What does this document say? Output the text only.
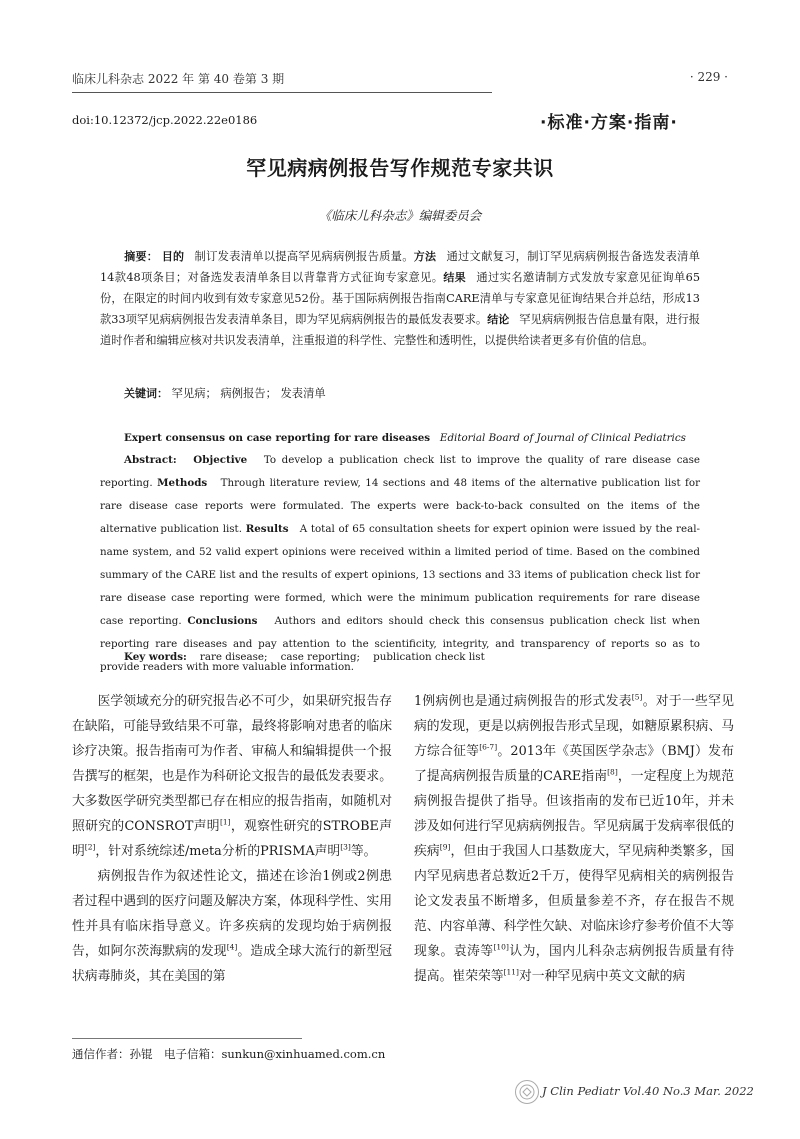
临床儿科杂志 2022 年 第 40 卷第 3 期	· 229 ·
doi:10.12372/jcp.2022.22e0186	·标准·方案·指南·
罕见病病例报告写作规范专家共识
《临床儿科杂志》编辑委员会
摘要： 目的 制订发表清单以提高罕见病病例报告质量。方法 通过文献复习，制订罕见病病例报告备选发表清单14款48项条目；对备选发表清单条目以背靠背方式征询专家意见。结果 通过实名邀请制方式发放专家意见征询单65份，在限定的时间内收到有效专家意见52份。基于国际病例报告指南CARE清单与专家意见征询结果合并总结，形成13款33项罕见病病例报告发表清单条目，即为罕见病病例报告的最低发表要求。结论 罕见病病例报告信息量有限，进行报道时作者和编辑应核对共识发表清单，注重报道的科学性、完整性和透明性，以提供给读者更多有价值的信息。
关键词： 罕见病； 病例报告； 发表清单
Expert consensus on case reporting for rare diseases Editorial Board of Journal of Clinical Pediatrics
Abstract: Objective To develop a publication check list to improve the quality of rare disease case reporting. Methods Through literature review, 14 sections and 48 items of the alternative publication list for rare disease case reports were formulated. The experts were back-to-back consulted on the items of the alternative publication list. Results A total of 65 consultation sheets for expert opinion were issued by the real-name system, and 52 valid expert opinions were received within a limited period of time. Based on the combined summary of the CARE list and the results of expert opinions, 13 sections and 33 items of publication check list for rare disease case reporting were formed, which were the minimum publication requirements for rare disease case reporting. Conclusions Authors and editors should check this consensus publication check list when reporting rare diseases and pay attention to the scientificity, integrity, and transparency of reports so as to provide readers with more valuable information.
Key words: rare disease; case reporting; publication check list

医学领域充分的研究报告必不可少，如果研究报告存在缺陷，可能导致结果不可靠，最终将影响对患者的临床诊疗决策。报告指南可为作者、审稿人和编辑提供一个报告撰写的框架，也是作为科研论文报告的最低发表要求。大多数医学研究类型都已存在相应的报告指南，如随机对照研究的CONSROT声明[1]，观察性研究的STROBE声明[2]，针对系统综述/meta分析的PRISMA声明[3]等。

病例报告作为叙述性论文，描述在诊治1例或2例患者过程中遇到的医疗问题及解决方案，体现科学性、实用性并具有临床指导意义。许多疾病的发现均始于病例报告，如阿尔茨海默病的发现[4]。造成全球大流行的新型冠状病毒肺炎，其在美国的第

1例病例也是通过病例报告的形式发表[5]。对于一些罕见病的发现，更是以病例报告形式呈现，如糖原累积病、马方综合征等[6-7]。2013年《英国医学杂志》（BMJ）发布了提高病例报告质量的CARE指南[8]，一定程度上为规范病例报告提供了指导。但该指南的发布已近10年，并未涉及如何进行罕见病病例报告。罕见病属于发病率很低的疾病[9]，但由于我国人口基数庞大，罕见病种类繁多，国内罕见病患者总数近2千万，使得罕见病相关的病例报告论文发表虽不断增多，但质量参差不齐，存在报告不规范、内容单薄、科学性欠缺、对临床诊疗参考价值不大等现象。袁涛等[10]认为，国内儿科杂志病例报告质量有待提高。崔荣荣等[11]对一种罕见病中英文文献的病

通信作者：孙锟　电子信箱：sunkun@xinhuamed.com.cn
J Clin Pediatr Vol.40 No.3 Mar. 2022
